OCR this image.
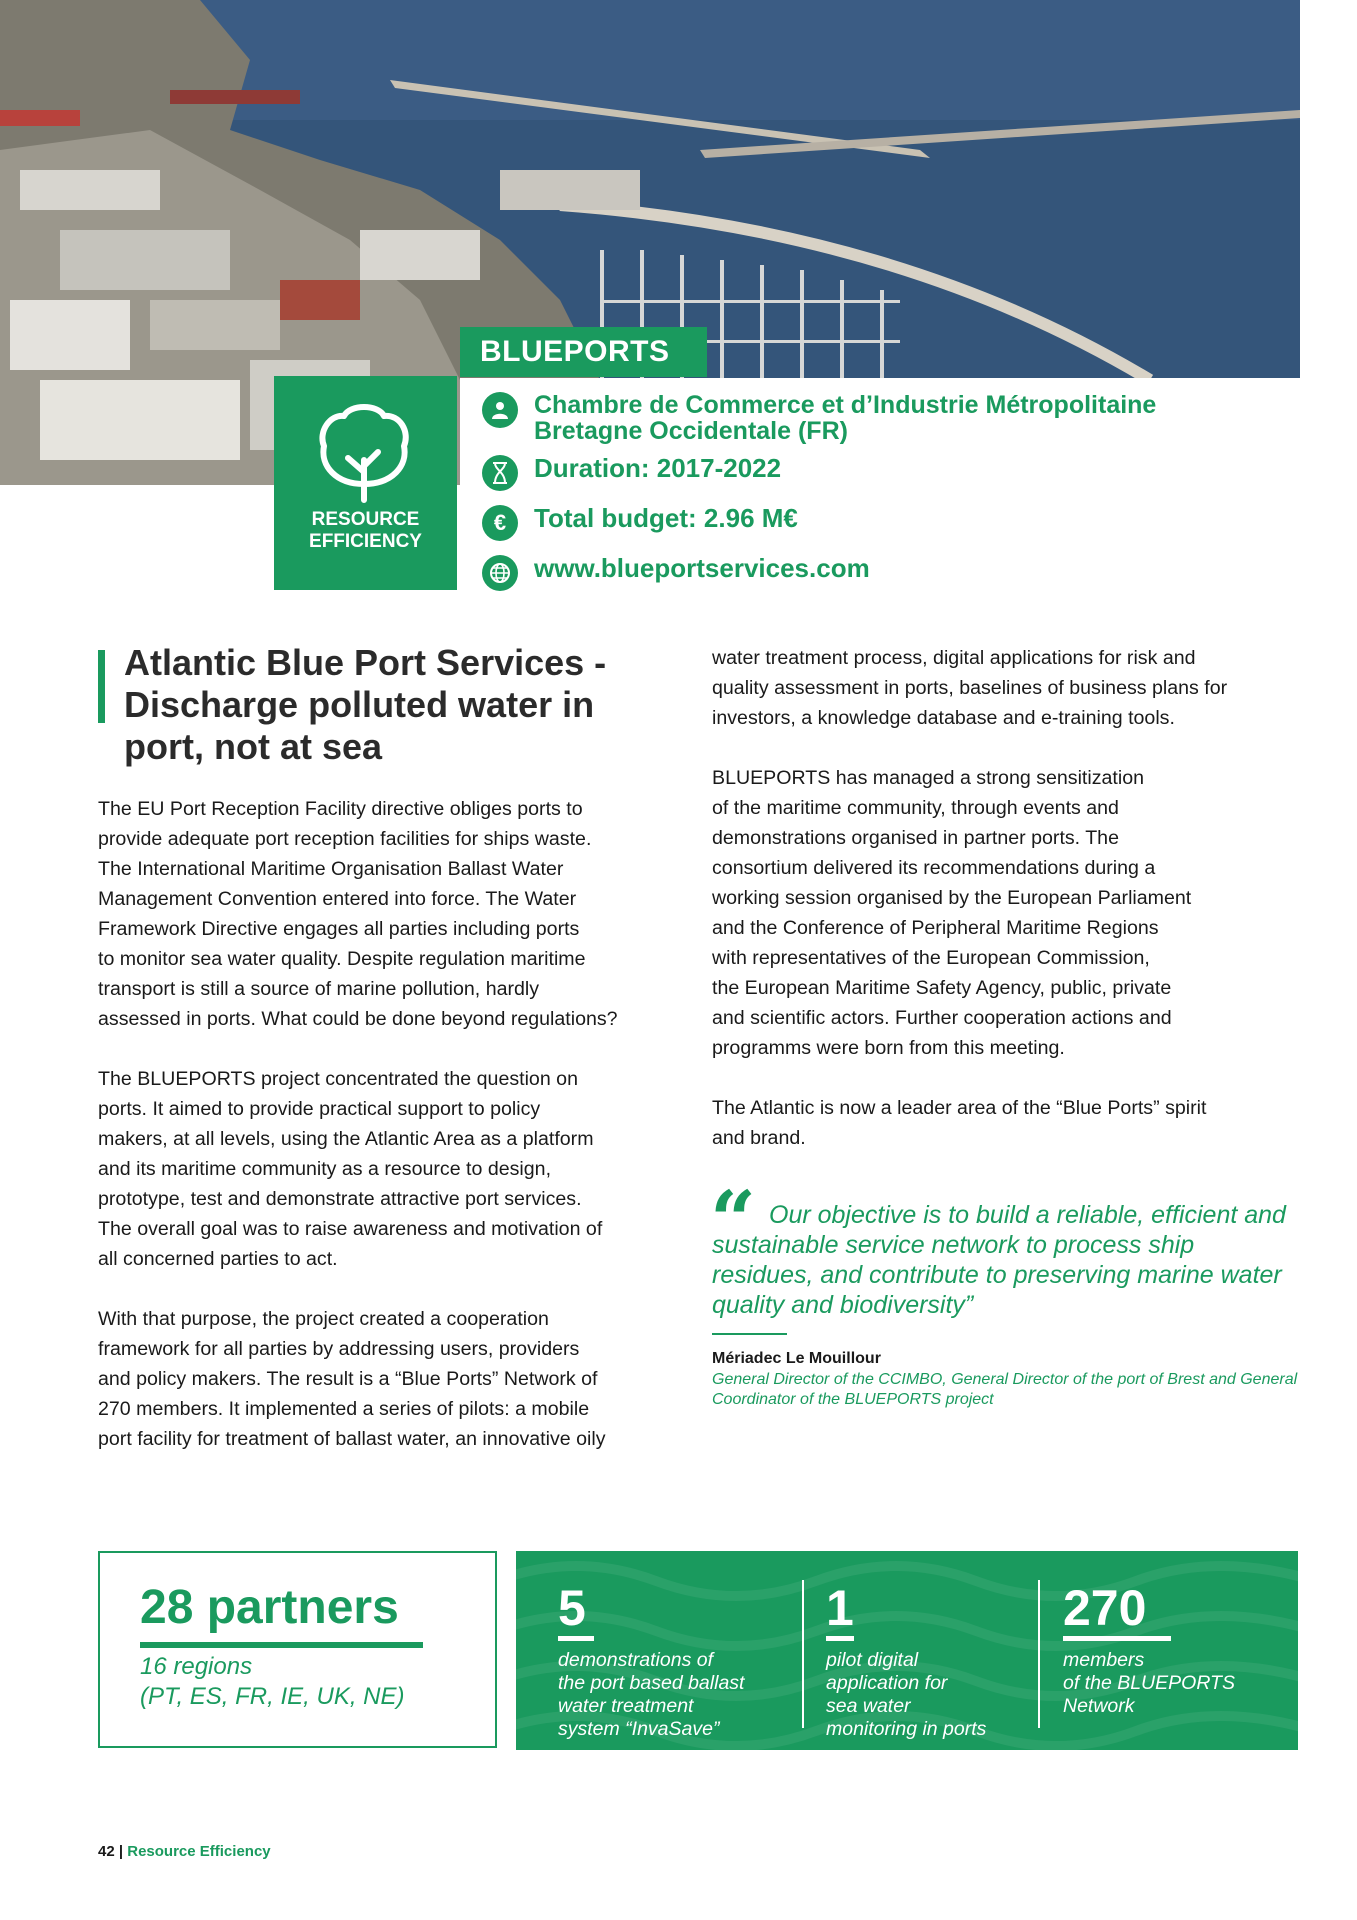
BLUEPORTS
RESOURCE
EFFICIENCY
Chambre de Commerce et d’Industrie Métropolitaine
Bretagne Occidentale (FR)
Duration: 2017-2022
€	Total budget: 2.96 M€
www.blueportservices.com
Atlantic Blue Port Services - Discharge polluted water in port, not at sea

The EU Port Reception Facility directive obliges ports to
provide adequate port reception facilities for ships waste.
The International Maritime Organisation Ballast Water
Management Convention entered into force. The Water
Framework Directive engages all parties including ports
to monitor sea water quality. Despite regulation maritime
transport is still a source of marine pollution, hardly
assessed in ports. What could be done beyond regulations?

The BLUEPORTS project concentrated the question on
ports. It aimed to provide practical support to policy
makers, at all levels, using the Atlantic Area as a platform
and its maritime community as a resource to design,
prototype, test and demonstrate attractive port services.
The overall goal was to raise awareness and motivation of
all concerned parties to act.

With that purpose, the project created a cooperation
framework for all parties by addressing users, providers
and policy makers. The result is a “Blue Ports” Network of
270 members. It implemented a series of pilots: a mobile
port facility for treatment of ballast water, an innovative oily

water treatment process, digital applications for risk and
quality assessment in ports, baselines of business plans for
investors, a knowledge database and e-training tools.

BLUEPORTS has managed a strong sensitization
of the maritime community, through events and
demonstrations organised in partner ports. The
consortium delivered its recommendations during a
working session organised by the European Parliament
and the Conference of Peripheral Maritime Regions
with representatives of the European Commission,
the European Maritime Safety Agency, public, private
and scientific actors. Further cooperation actions and
programms were born from this meeting.

The Atlantic is now a leader area of the “Blue Ports” spirit
and brand.

“ Our objective is to build a reliable, efficient and sustainable service network to process ship residues, and contribute to preserving marine water quality and biodiversity”
Mériadec Le Mouillour
General Director of the CCIMBO, General Director of the port of Brest and General Coordinator of the BLUEPORTS project
28 partners
16 regions
(PT, ES, FR, IE, UK, NE)
5
demonstrations of
the port based ballast
water treatment
system “InvaSave”
1
pilot digital
application for
sea water
monitoring in ports
270
members
of the BLUEPORTS
Network
42 | Resource Efficiency
